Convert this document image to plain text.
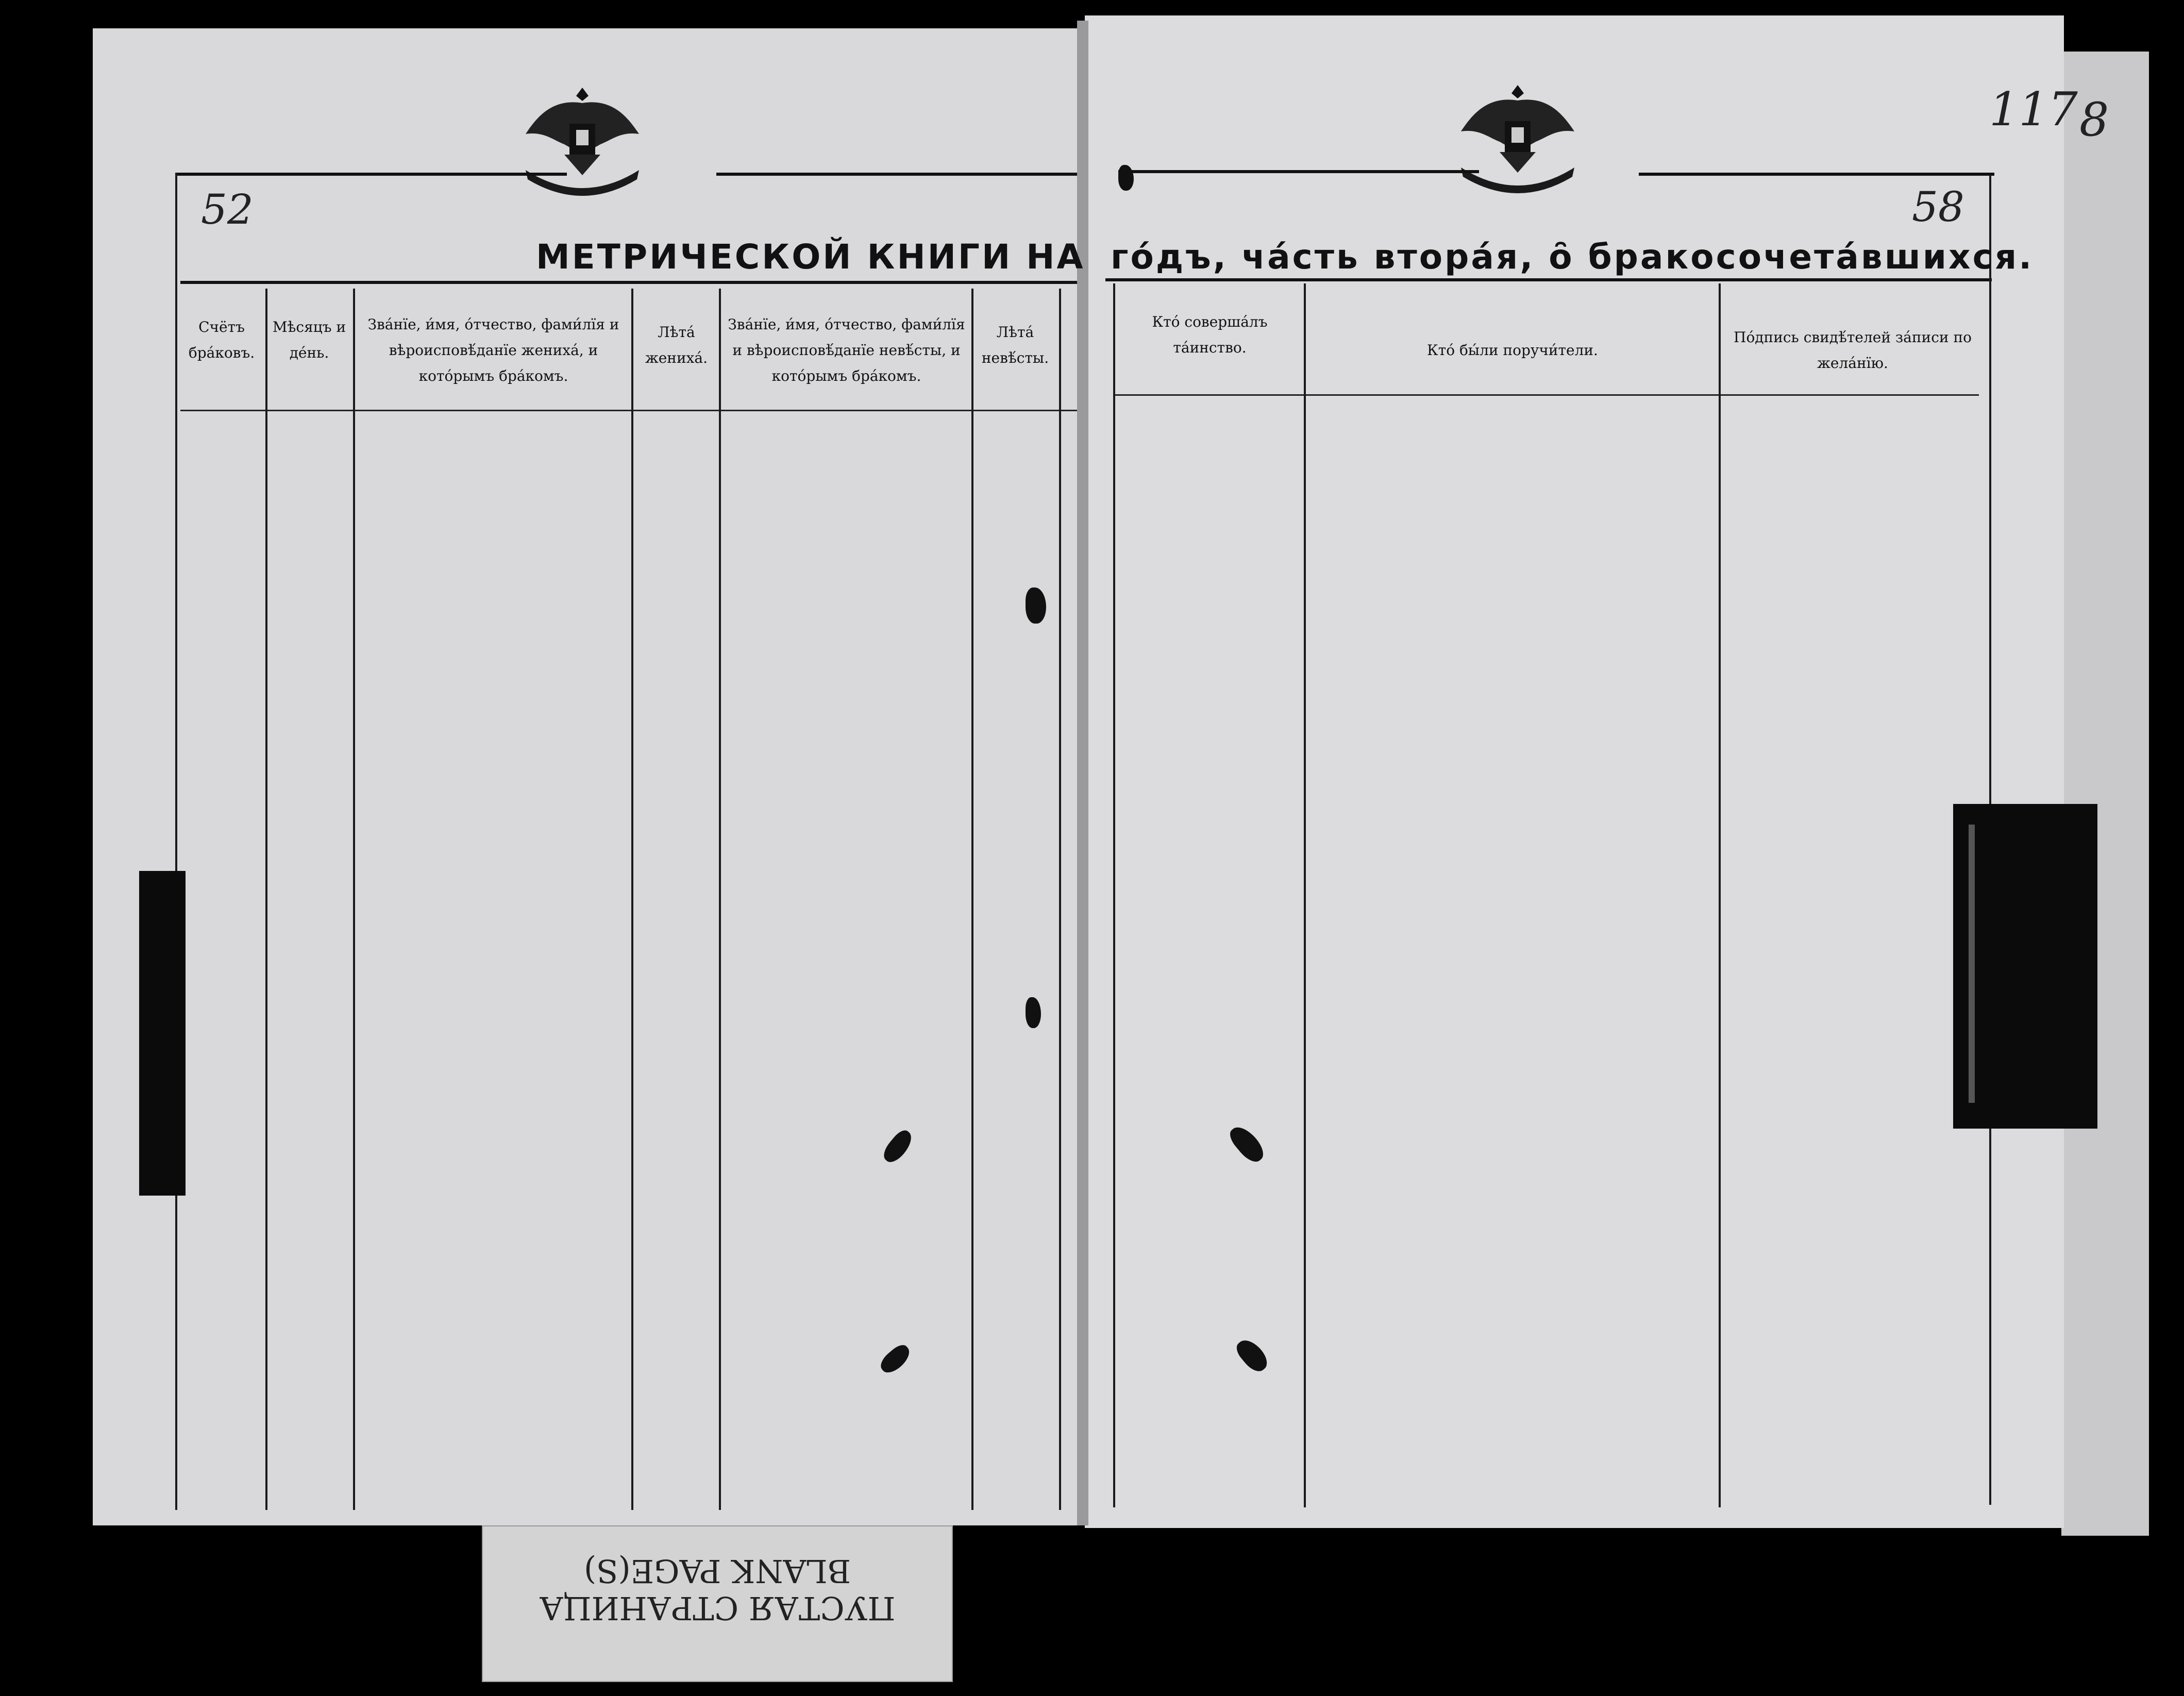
52
МЕТРИЧЕСКОЙ КНИГИ НА
Счётъ бра́ковъ.
Мѣсяцъ и де́нь.
Зва́нїе, и́мя, о́тчество, фами́лїя и вѣроисповѣ́данїе жениха́, и кото́рымъ бра́комъ.
Лѣта́ жениха́.
Зва́нїе, и́мя, о́тчество, фами́лїя и вѣроисповѣ́данїе невѣ́сты, и кото́рымъ бра́комъ.
Лѣта́ невѣ́сты.
58
117 8
го́дъ, ча́сть втора́я, о̑ бракосочета́вшихся.
Кто́ соверша́лъ та́инство.	Кто́ бы́ли поручи́тели.
По́дпись свидѣ́телей за́писи по жела́нїю.
ПУСТАЯ СТРАНИЦА
BLANK PAGE(S)
